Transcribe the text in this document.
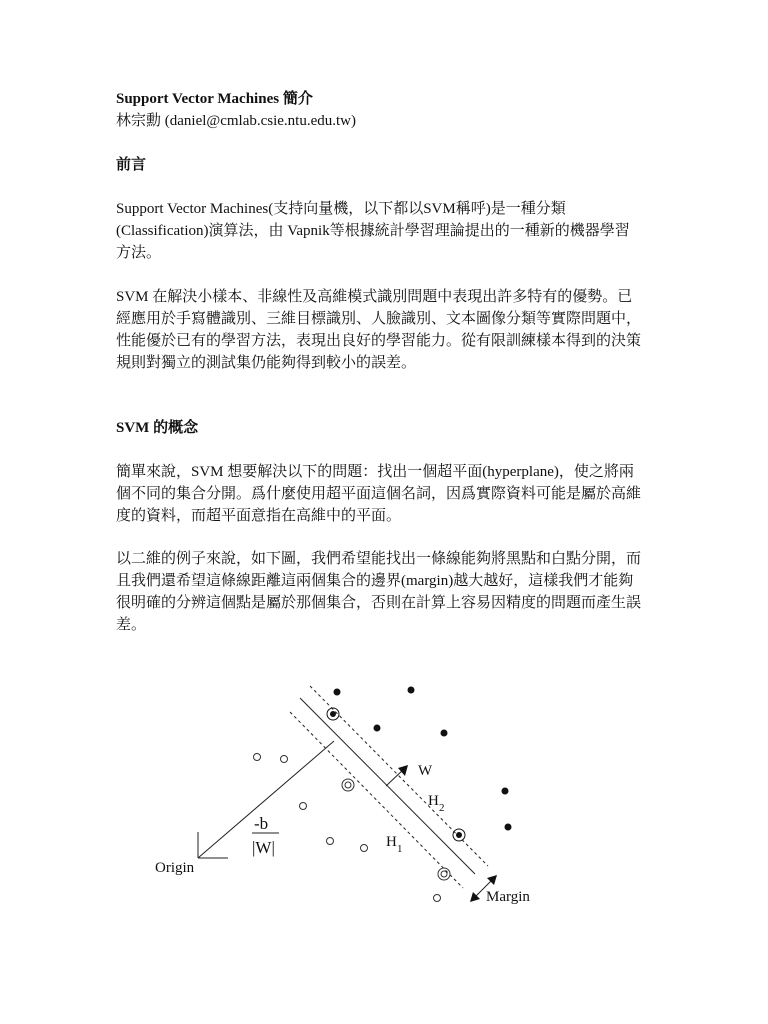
Support Vector Machines 簡介
林宗勳 (daniel@cmlab.csie.ntu.edu.tw)
前言
Support Vector Machines(支持向量機，以下都以SVM稱呼)是一種分類
(Classification)演算法，由 Vapnik等根據統計學習理論提出的一種新的機器學習
方法。
SVM 在解決小樣本、非線性及高維模式識別問題中表現出許多特有的優勢。已
經應用於手寫體識別、三維目標識別、人臉識別、文本圖像分類等實際問題中，
性能優於已有的學習方法，表現出良好的學習能力。從有限訓練樣本得到的決策
規則對獨立的測試集仍能夠得到較小的誤差。
SVM 的概念
簡單來說，SVM 想要解決以下的問題：找出一個超平面(hyperplane)，使之將兩
個不同的集合分開。爲什麼使用超平面這個名詞，因爲實際資料可能是屬於高維
度的資料，而超平面意指在高維中的平面。
以二維的例子來說，如下圖，我們希望能找出一條線能夠將黑點和白點分開，而
且我們還希望這條線距離這兩個集合的邊界(margin)越大越好，這樣我們才能夠
很明確的分辨這個點是屬於那個集合，否則在計算上容易因精度的問題而產生誤
差。
W
H 2
H 1
-b
|W|
Origin
Margin
